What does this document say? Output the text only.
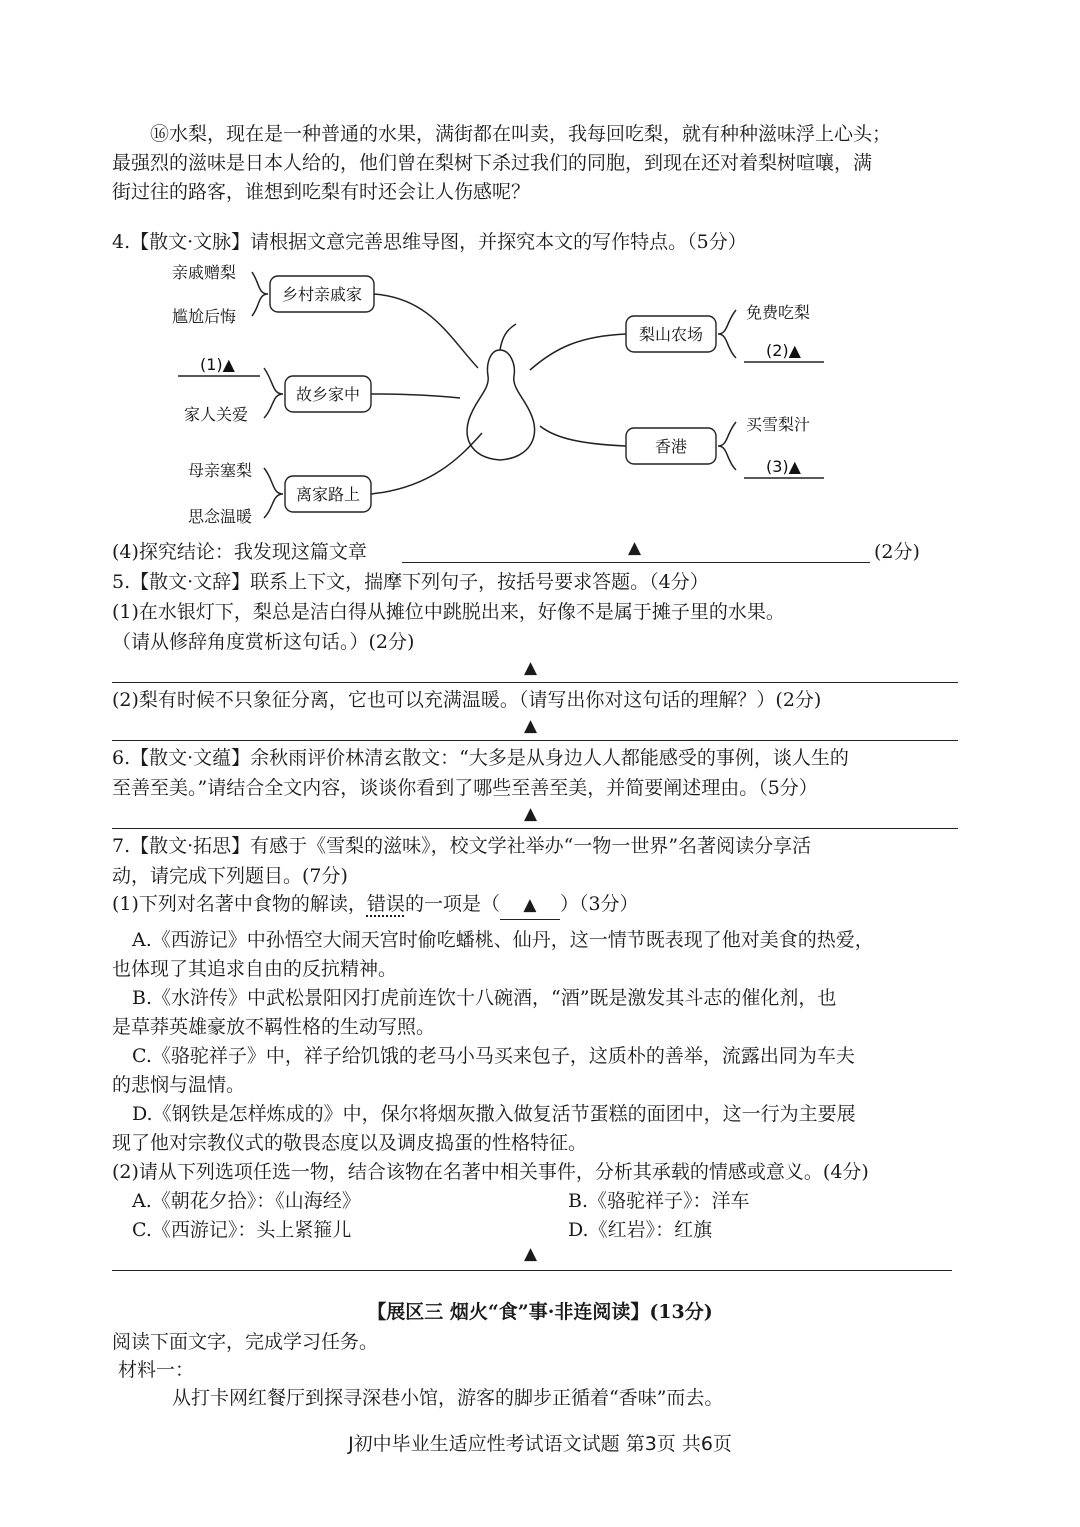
⑯水梨，现在是一种普通的水果，满街都在叫卖，我每回吃梨，就有种种滋味浮上心头；
最强烈的滋味是日本人给的，他们曾在梨树下杀过我们的同胞，到现在还对着梨树喧嚷，满
街过往的路客，谁想到吃梨有时还会让人伤感呢？
4.【散文·文脉】请根据文意完善思维导图，并探究本文的写作特点。（5分）
乡村亲戚家
亲戚赠梨
尴尬后悔
故乡家中
(1)▲
家人关爱
离家路上
母亲塞梨
思念温暖
梨山农场
免费吃梨
(2)▲
香港
买雪梨汁
(3)▲
(4)探究结论：我发现这篇文章	▲	(2分)
5.【散文·文辞】联系上下文，揣摩下列句子，按括号要求答题。（4分）
(1)在水银灯下，梨总是洁白得从摊位中跳脱出来，好像不是属于摊子里的水果。
（请从修辞角度赏析这句话。）(2分)
▲
(2)梨有时候不只象征分离，它也可以充满温暖。（请写出你对这句话的理解？）(2分)
▲
6.【散文·文蕴】余秋雨评价林清玄散文：“大多是从身边人人都能感受的事例，谈人生的
至善至美。”请结合全文内容，谈谈你看到了哪些至善至美，并简要阐述理由。（5分）
▲
7.【散文·拓思】有感于《雪梨的滋味》，校文学社举办“一物一世界”名著阅读分享活
动，请完成下列题目。(7分)
(1)下列对名著中食物的解读，错误的一项是（ ▲ ）（3分）
A.《西游记》中孙悟空大闹天宫时偷吃蟠桃、仙丹，这一情节既表现了他对美食的热爱，
也体现了其追求自由的反抗精神。
B.《水浒传》中武松景阳冈打虎前连饮十八碗酒，“酒”既是激发其斗志的催化剂，也
是草莽英雄豪放不羁性格的生动写照。
C.《骆驼祥子》中，祥子给饥饿的老马小马买来包子，这质朴的善举，流露出同为车夫
的悲悯与温情。
D.《钢铁是怎样炼成的》中，保尔将烟灰撒入做复活节蛋糕的面团中，这一行为主要展
现了他对宗教仪式的敬畏态度以及调皮捣蛋的性格特征。
(2)请从下列选项任选一物，结合该物在名著中相关事件，分析其承载的情感或意义。(4分)
A.《朝花夕拾》：《山海经》	B.《骆驼祥子》：洋车
C.《西游记》：头上紧箍儿	D.《红岩》：红旗
▲
【展区三 烟火“食”事·非连阅读】(13分)
阅读下面文字，完成学习任务。
材料一：
从打卡网红餐厅到探寻深巷小馆，游客的脚步正循着“香味”而去。
J初中毕业生适应性考试语文试题 第3页 共6页
